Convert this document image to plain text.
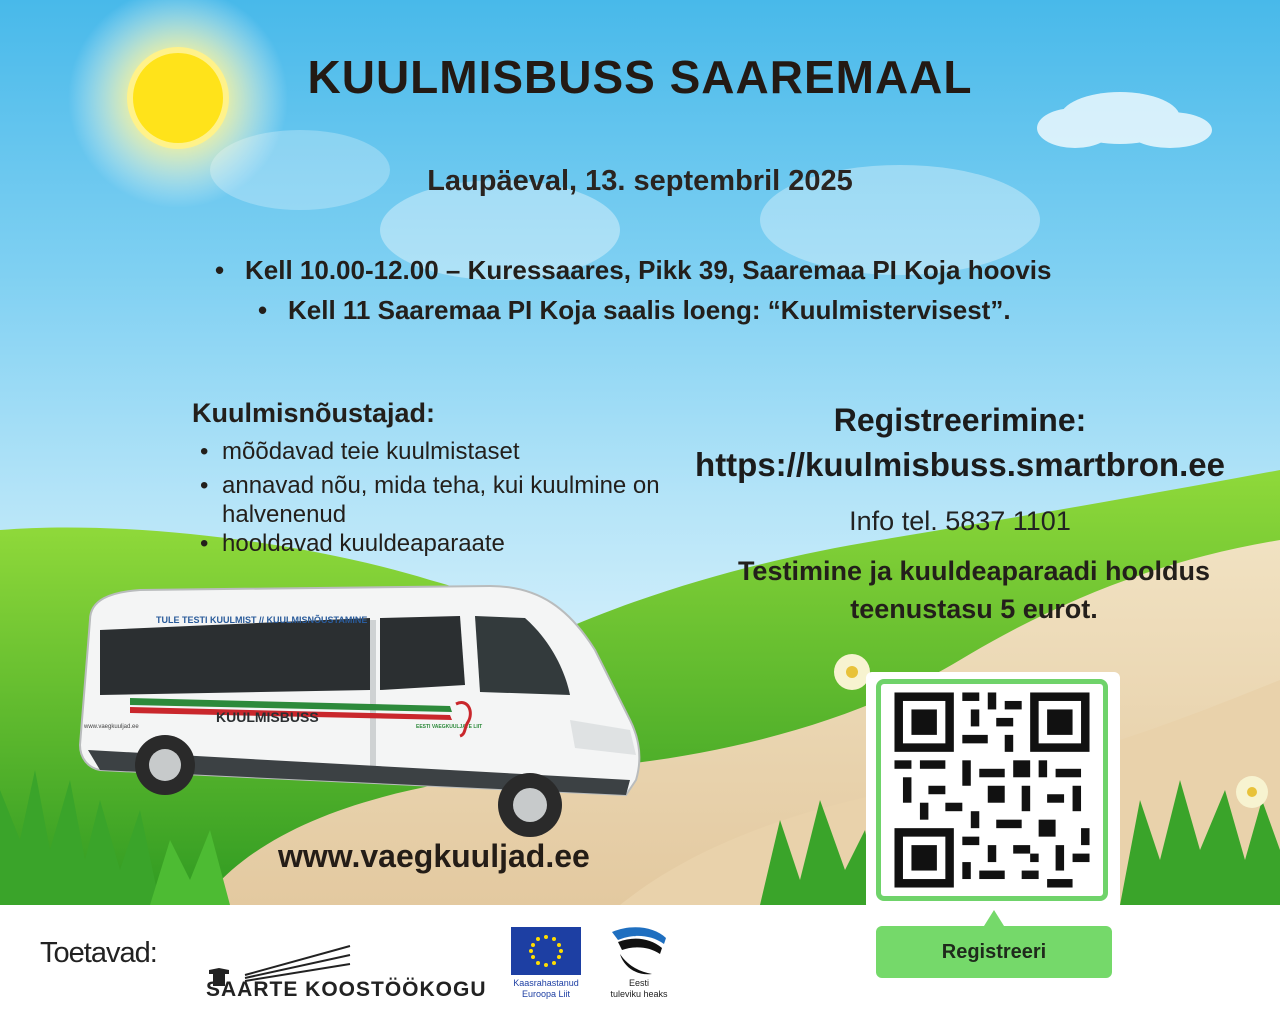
KUULMISBUSS SAAREMAAL
Laupäeval, 13. septembril 2025
• Kell 10.00-12.00 – Kuressaares, Pikk 39, Saaremaa PI Koja hoovis
• Kell 11 Saaremaa PI Koja saalis loeng: “Kuulmistervisest”.
Kuulmisnõustajad:
• mõõdavad teie kuulmistaset
• annavad nõu, mida teha, kui kuulmine on halvenenud
• hooldavad kuuldeaparaate
Registreerimine:
https://kuulmisbuss.smartbron.ee
Info tel. 5837 1101
Testimine ja kuuldeaparaadi hooldus
teenustasu 5 eurot.
TULE TESTI KUULMIST // KUULMISNÕUSTAMINE
KUULMISBUSS
www.vaegkuuljad.ee	EESTI VAEGKUULJATE LIIT
www.vaegkuuljad.ee
Registreeri
Toetavad:
SAARTE KOOSTÖÖKOGU	Kaasrahastanud
Euroopa Liit
Eesti
tuleviku heaks
